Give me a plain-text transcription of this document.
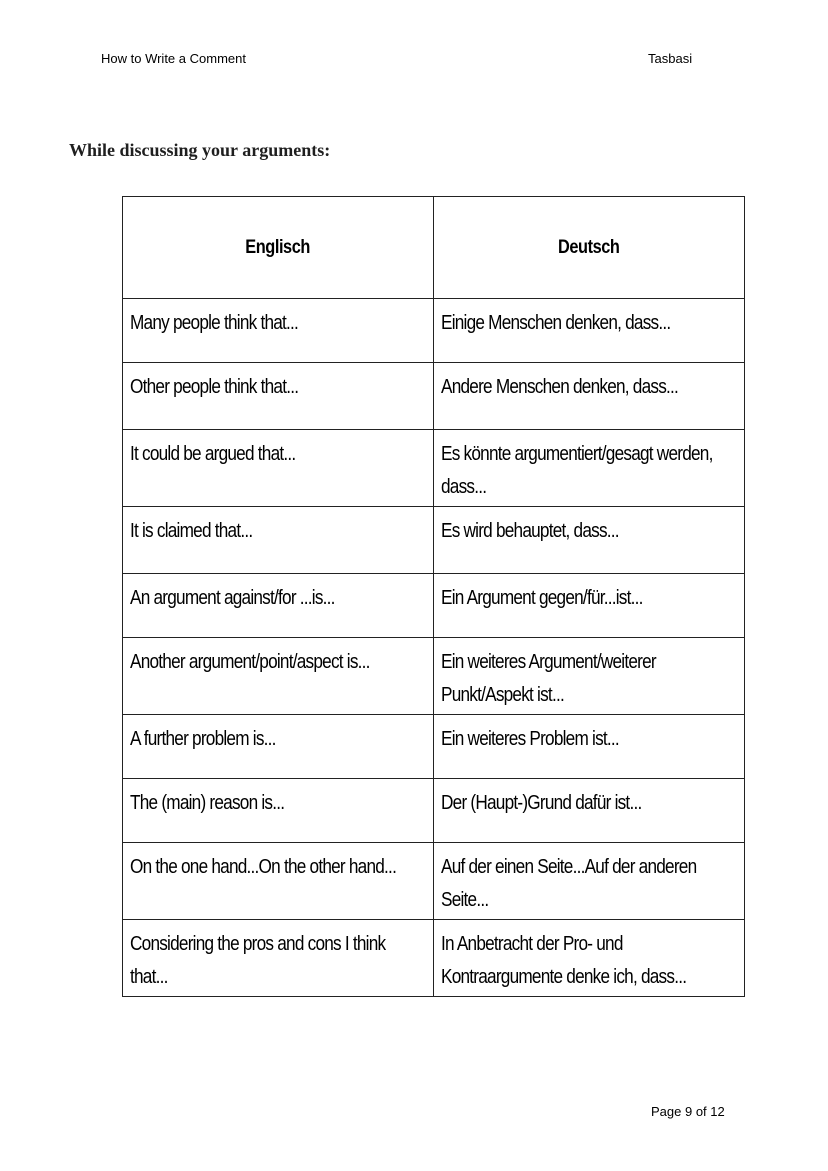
How to Write a Comment	Tasbasi
While discussing your arguments:
Englisch	Deutsch
Many people think that...	Einige Menschen denken, dass...
Other people think that...	Andere Menschen denken, dass...
It could be argued that...	Es könnte argumentiert/gesagt werden, dass...
It is claimed that...	Es wird behauptet, dass...
An argument against/for ...is...	Ein Argument gegen/für...ist...
Another argument/point/aspect is...	Ein weiteres Argument/weiterer Punkt/Aspekt ist...
A further problem is...	Ein weiteres Problem ist...
The (main) reason is...	Der (Haupt-)Grund dafür ist...
On the one hand...On the other hand...	Auf der einen Seite...Auf der anderen Seite...
Considering the pros and cons I think that...	In Anbetracht der Pro- und Kontraargumente denke ich, dass...
Page 9 of 12
